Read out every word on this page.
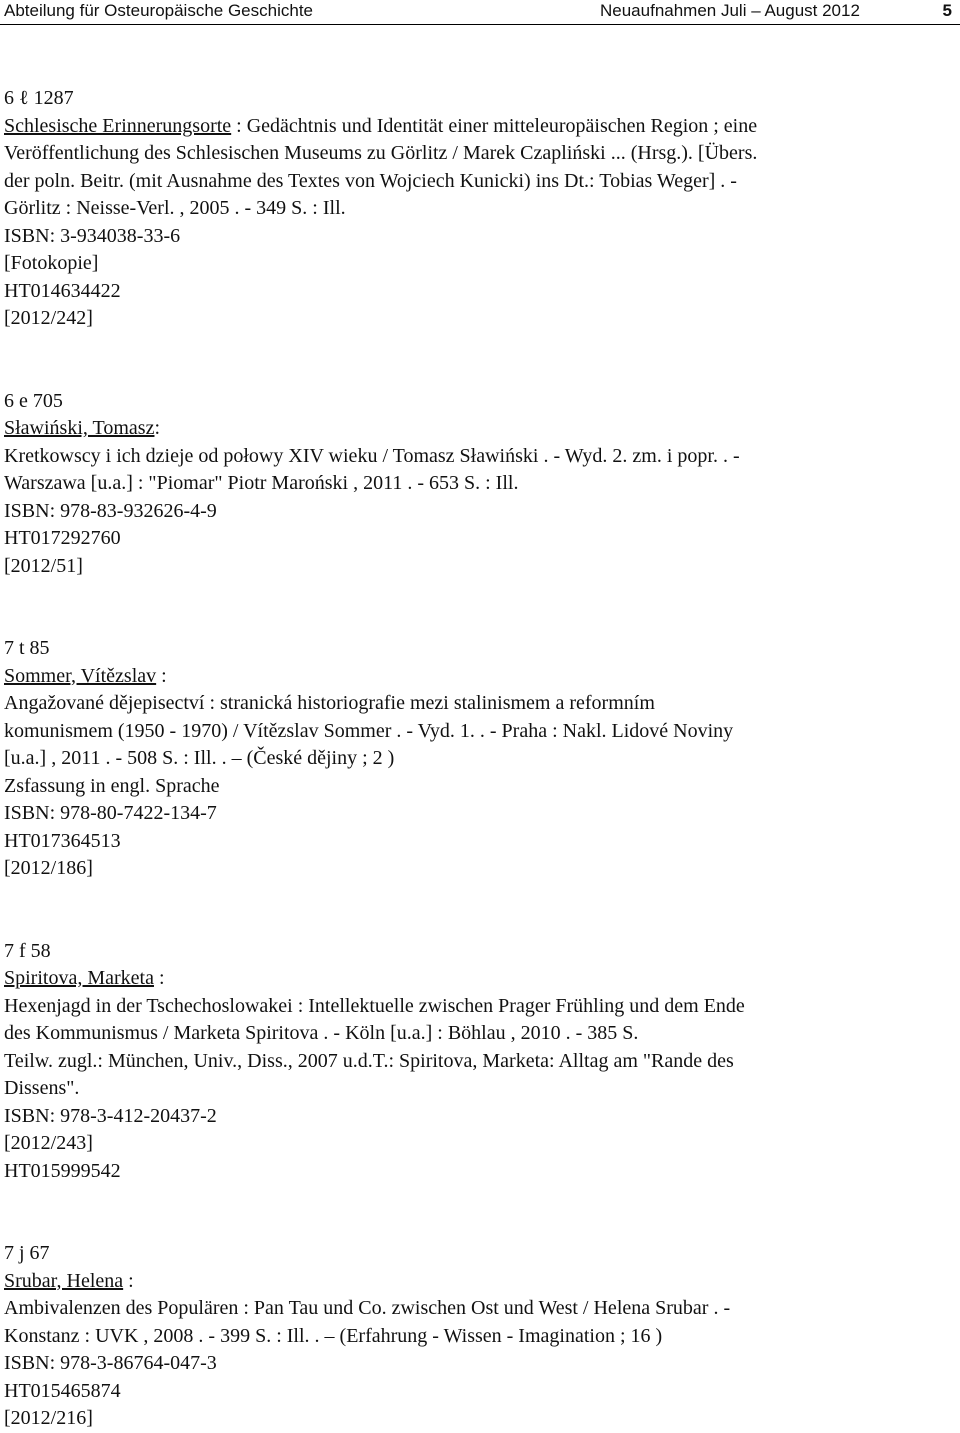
Abteilung für Osteuropäische Geschichte	Neuaufnahmen Juli – August 2012	5
6 ℓ 1287
Schlesische Erinnerungsorte : Gedächtnis und Identität einer mitteleuropäischen Region ; eine
Veröffentlichung des Schlesischen Museums zu Görlitz / Marek Czapliński ... (Hrsg.). [Übers.
der poln. Beitr. (mit Ausnahme des Textes von Wojciech Kunicki) ins Dt.: Tobias Weger] . -
Görlitz : Neisse-Verl. , 2005 . - 349 S. : Ill.
ISBN: 3-934038-33-6
[Fotokopie]
HT014634422
[2012/242]
6 e 705
Sławiński, Tomasz:
Kretkowscy i ich dzieje od połowy XIV wieku / Tomasz Sławiński . - Wyd. 2. zm. i popr. . -
Warszawa [u.a.] : "Piomar" Piotr Maroński , 2011 . - 653 S. : Ill.
ISBN: 978-83-932626-4-9
HT017292760
[2012/51]
7 t 85
Sommer, Vítězslav :
Angažované dějepisectví : stranická historiografie mezi stalinismem a reformním
komunismem (1950 - 1970) / Vítězslav Sommer . - Vyd. 1. . - Praha : Nakl. Lidové Noviny
[u.a.] , 2011 . - 508 S. : Ill. . – (České dějiny ; 2 )
Zsfassung in engl. Sprache
ISBN: 978-80-7422-134-7
HT017364513
[2012/186]
7 f 58
Spiritova, Marketa :
Hexenjagd in der Tschechoslowakei : Intellektuelle zwischen Prager Frühling und dem Ende
des Kommunismus / Marketa Spiritova . - Köln [u.a.] : Böhlau , 2010 . - 385 S.
Teilw. zugl.: München, Univ., Diss., 2007 u.d.T.: Spiritova, Marketa: Alltag am "Rande des
Dissens".
ISBN: 978-3-412-20437-2
[2012/243]
HT015999542
7 j 67
Srubar, Helena :
Ambivalenzen des Populären : Pan Tau und Co. zwischen Ost und West / Helena Srubar . -
Konstanz : UVK , 2008 . - 399 S. : Ill. . – (Erfahrung - Wissen - Imagination ; 16 )
ISBN: 978-3-86764-047-3
HT015465874
[2012/216]
